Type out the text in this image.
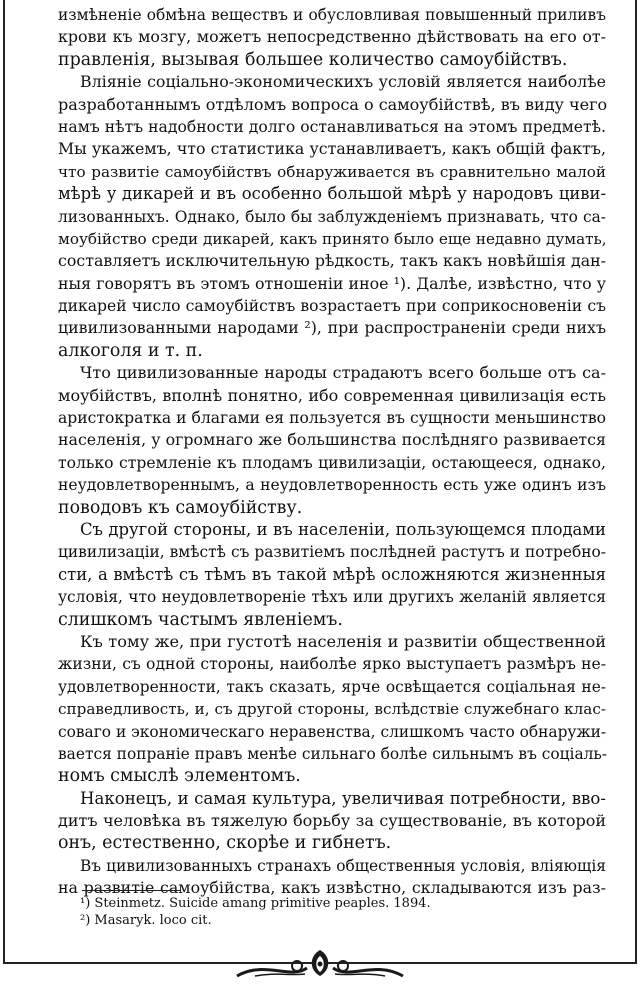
измѣненіе обмѣна веществъ и обусловливая повышенный приливъ
крови къ мозгу, можетъ непосредственно дѣйствовать на его от-
правленія, вызывая большее количество самоубійствъ.
Вліяніе соціально-экономическихъ условій является наиболѣе
разработаннымъ отдѣломъ вопроса о самоубійствѣ, въ виду чего
намъ нѣтъ надобности долго останавливаться на этомъ предметѣ.
Мы укажемъ, что статистика устанавливаетъ, какъ общій фактъ,
что развитіе самоубійствъ обнаруживается въ сравнительно малой
мѣрѣ у дикарей и въ особенно большой мѣрѣ у народовъ циви-
лизованныхъ. Однако, было бы заблужденіемъ признавать, что са-
моубійство среди дикарей, какъ принято было еще недавно думать,
составляетъ исключительную рѣдкость, такъ какъ новѣйшія дан-
ныя говорятъ въ этомъ отношеніи иное ¹). Далѣе, извѣстно, что у
дикарей число самоубійствъ возрастаетъ при соприкосновеніи съ
цивилизованными народами ²), при распространеніи среди нихъ
алкоголя и т. п.
Что цивилизованные народы страдаютъ всего больше отъ са-
моубійствъ, вполнѣ понятно, ибо современная цивилизація есть
аристократка и благами ея пользуется въ сущности меньшинство
населенія, у огромнаго же большинства послѣдняго развивается
только стремленіе къ плодамъ цивилизаціи, остающееся, однако,
неудовлетвореннымъ, а неудовлетворенность есть уже одинъ изъ
поводовъ къ самоубійству.
Съ другой стороны, и въ населеніи, пользующемся плодами
цивилизаціи, вмѣстѣ съ развитіемъ послѣдней растутъ и потребно-
сти, а вмѣстѣ съ тѣмъ въ такой мѣрѣ осложняются жизненныя
условія, что неудовлетвореніе тѣхъ или другихъ желаній является
слишкомъ частымъ явленіемъ.
Къ тому же, при густотѣ населенія и развитіи общественной
жизни, съ одной стороны, наиболѣе ярко выступаетъ размѣръ не-
удовлетворенности, такъ сказать, ярче освѣщается соціальная не-
справедливость, и, съ другой стороны, вслѣдствіе служебнаго клас-
соваго и экономическаго неравенства, слишкомъ часто обнаружи-
вается попраніе правъ менѣе сильнаго болѣе сильнымъ въ соціаль-
номъ смыслѣ элементомъ.
Наконецъ, и самая культура, увеличивая потребности, вво-
дитъ человѣка въ тяжелую борьбу за существованіе, въ которой
онъ, естественно, скорѣе и гибнетъ.
Въ цивилизованныхъ странахъ общественныя условія, вліяющія
на развитіе самоубійства, какъ извѣстно, складываются изъ раз-
¹) Steinmetz. Suicide amang primitive peaples. 1894.
²) Masaryk. loco cit.
